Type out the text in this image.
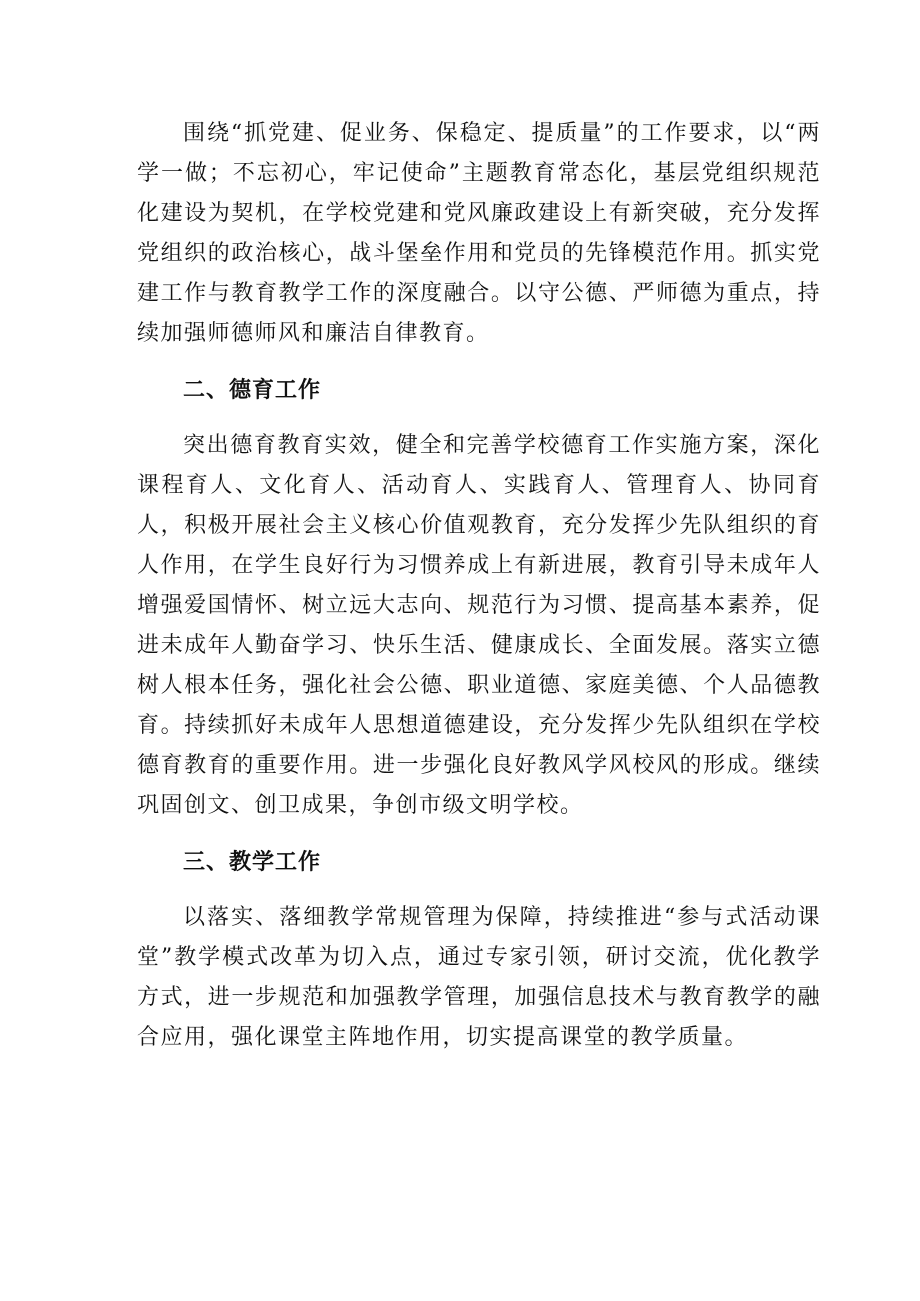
围绕“抓党建、促业务、保稳定、提质量”的工作要求，以“两学一做；不忘初心，牢记使命”主题教育常态化，基层党组织规范化建设为契机，在学校党建和党风廉政建设上有新突破，充分发挥党组织的政治核心，战斗堡垒作用和党员的先锋模范作用。抓实党建工作与教育教学工作的深度融合。以守公德、严师德为重点，持续加强师德师风和廉洁自律教育。

二、德育工作

突出德育教育实效，健全和完善学校德育工作实施方案，深化课程育人、文化育人、活动育人、实践育人、管理育人、协同育人，积极开展社会主义核心价值观教育，充分发挥少先队组织的育人作用，在学生良好行为习惯养成上有新进展，教育引导未成年人增强爱国情怀、树立远大志向、规范行为习惯、提高基本素养，促进未成年人勤奋学习、快乐生活、健康成长、全面发展。落实立德树人根本任务，强化社会公德、职业道德、家庭美德、个人品德教育。持续抓好未成年人思想道德建设，充分发挥少先队组织在学校德育教育的重要作用。进一步强化良好教风学风校风的形成。继续巩固创文、创卫成果，争创市级文明学校。

三、教学工作

以落实、落细教学常规管理为保障，持续推进“参与式活动课堂”教学模式改革为切入点，通过专家引领，研讨交流，优化教学方式，进一步规范和加强教学管理，加强信息技术与教育教学的融合应用，强化课堂主阵地作用，切实提高课堂的教学质量。
